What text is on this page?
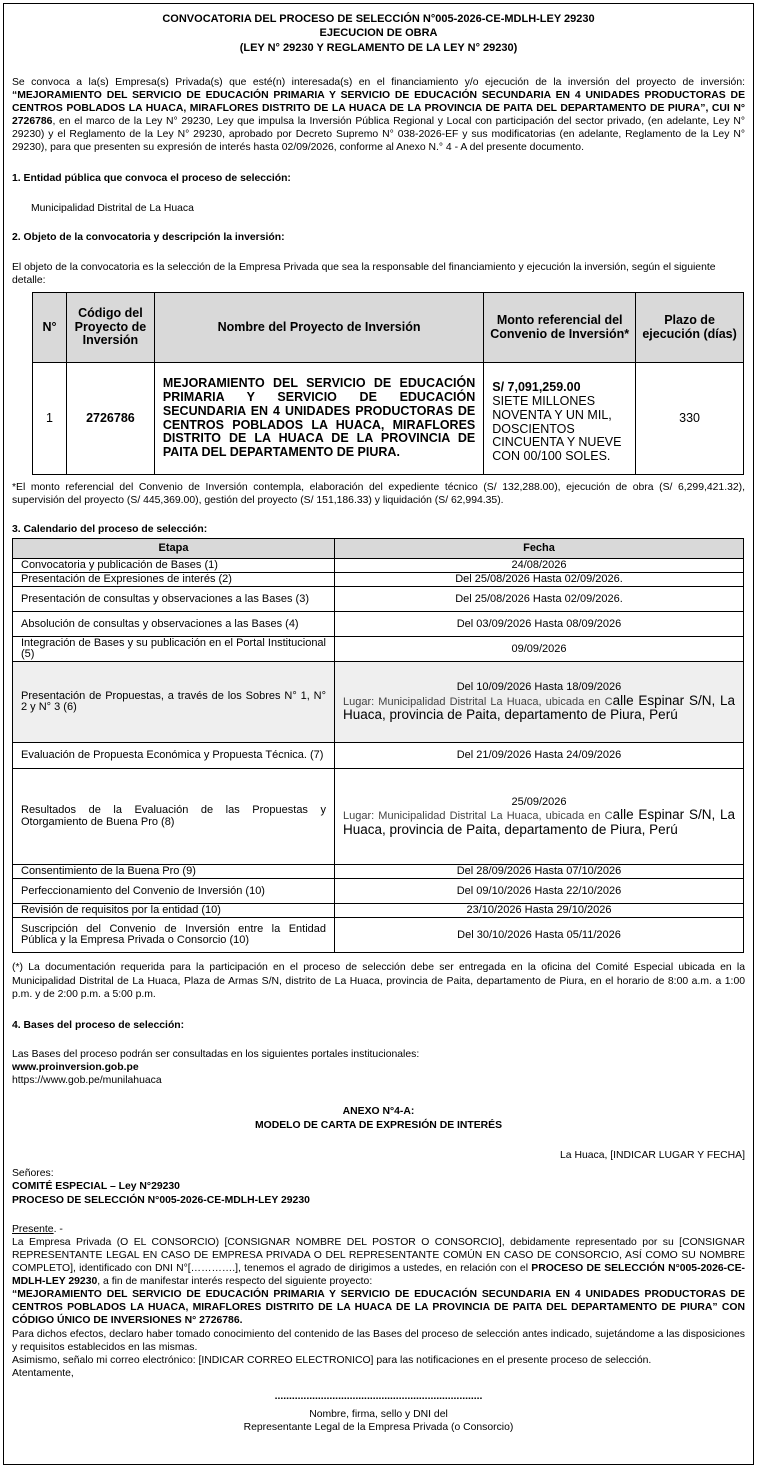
CONVOCATORIA DEL PROCESO DE SELECCIÓN N°005-2026-CE-MDLH-LEY 29230
EJECUCION DE OBRA
(LEY N° 29230 Y REGLAMENTO DE LA LEY N° 29230)

Se convoca a la(s) Empresa(s) Privada(s) que esté(n) interesada(s) en el financiamiento y/o ejecución de la inversión del proyecto de inversión: “MEJORAMIENTO DEL SERVICIO DE EDUCACIÓN PRIMARIA Y SERVICIO DE EDUCACIÓN SECUNDARIA EN 4 UNIDADES PRODUCTORAS DE CENTROS POBLADOS LA HUACA, MIRAFLORES DISTRITO DE LA HUACA DE LA PROVINCIA DE PAITA DEL DEPARTAMENTO DE PIURA”, CUI N° 2726786, en el marco de la Ley N° 29230, Ley que impulsa la Inversión Pública Regional y Local con participación del sector privado, (en adelante, Ley N° 29230) y el Reglamento de la Ley N° 29230, aprobado por Decreto Supremo N° 038-2026-EF y sus modificatorias (en adelante, Reglamento de la Ley N° 29230), para que presenten su expresión de interés hasta 02/09/2026, conforme al Anexo N.° 4 - A del presente documento.

1. Entidad pública que convoca el proceso de selección:

Municipalidad Distrital de La Huaca

2. Objeto de la convocatoria y descripción la inversión:

El objeto de la convocatoria es la selección de la Empresa Privada que sea la responsable del financiamiento y ejecución la inversión, según el siguiente detalle:

N°	Código del Proyecto de Inversión	Nombre del Proyecto de Inversión	Monto referencial del Convenio de Inversión*	Plazo de ejecución (días)
1	2726786	MEJORAMIENTO DEL SERVICIO DE EDUCACIÓN PRIMARIA Y SERVICIO DE EDUCACIÓN SECUNDARIA EN 4 UNIDADES PRODUCTORAS DE CENTROS POBLADOS LA HUACA, MIRAFLORES DISTRITO DE LA HUACA DE LA PROVINCIA DE PAITA DEL DEPARTAMENTO DE PIURA.	S/ 7,091,259.00
SIETE MILLONES NOVENTA Y UN MIL, DOSCIENTOS CINCUENTA Y NUEVE CON 00/100 SOLES.	330

*El monto referencial del Convenio de Inversión contempla, elaboración del expediente técnico (S/ 132,288.00), ejecución de obra (S/ 6,299,421.32), supervisión del proyecto (S/ 445,369.00), gestión del proyecto (S/ 151,186.33) y liquidación (S/ 62,994.35).

3. Calendario del proceso de selección:

Etapa	Fecha
Convocatoria y publicación de Bases (1)	24/08/2026
Presentación de Expresiones de interés (2)	Del 25/08/2026 Hasta 02/09/2026.
Presentación de consultas y observaciones a las Bases (3)	Del 25/08/2026 Hasta 02/09/2026.
Absolución de consultas y observaciones a las Bases (4)	Del 03/09/2026 Hasta 08/09/2026
Integración de Bases y su publicación en el Portal Institucional (5)	09/09/2026
Presentación de Propuestas, a través de los Sobres N° 1, N° 2 y N° 3 (6)	Del 10/09/2026 Hasta 18/09/2026
Lugar: Municipalidad Distrital La Huaca, ubicada en Calle Espinar S/N, La Huaca, provincia de Paita, departamento de Piura, Perú

Evaluación de Propuesta Económica y Propuesta Técnica. (7)	Del 21/09/2026 Hasta 24/09/2026
Resultados de la Evaluación de las Propuestas y Otorgamiento de Buena Pro (8)	25/09/2026
Lugar: Municipalidad Distrital La Huaca, ubicada en Calle Espinar S/N, La Huaca, provincia de Paita, departamento de Piura, Perú

Consentimiento de la Buena Pro (9)	Del 28/09/2026 Hasta 07/10/2026
Perfeccionamiento del Convenio de Inversión (10)	Del 09/10/2026 Hasta 22/10/2026
Revisión de requisitos por la entidad (10)	23/10/2026 Hasta 29/10/2026
Suscripción del Convenio de Inversión entre la Entidad Pública y la Empresa Privada o Consorcio (10)	Del 30/10/2026 Hasta 05/11/2026

(*) La documentación requerida para la participación en el proceso de selección debe ser entregada en la oficina del Comité Especial ubicada en la Municipalidad Distrital de La Huaca, Plaza de Armas S/N, distrito de La Huaca, provincia de Paita, departamento de Piura, en el horario de 8:00 a.m. a 1:00 p.m. y de 2:00 p.m. a 5:00 p.m.

4. Bases del proceso de selección:

Las Bases del proceso podrán ser consultadas en los siguientes portales institucionales:

www.proinversion.gob.pe

https://www.gob.pe/munilahuaca

ANEXO N°4-A:
MODELO DE CARTA DE EXPRESIÓN DE INTERÉS

La Huaca, [INDICAR LUGAR Y FECHA]

Señores:

COMITÉ ESPECIAL – Ley N°29230

PROCESO DE SELECCIÓN N°005-2026-CE-MDLH-LEY 29230

Presente. -

La Empresa Privada (O EL CONSORCIO) [CONSIGNAR NOMBRE DEL POSTOR O CONSORCIO], debidamente representado por su [CONSIGNAR REPRESENTANTE LEGAL EN CASO DE EMPRESA PRIVADA O DEL REPRESENTANTE COMÚN EN CASO DE CONSORCIO, ASÍ COMO SU NOMBRE COMPLETO], identificado con DNI N°[………….], tenemos el agrado de dirigimos a ustedes, en relación con el PROCESO DE SELECCIÓN N°005-2026-CE-MDLH-LEY 29230, a fin de manifestar interés respecto del siguiente proyecto:

“MEJORAMIENTO DEL SERVICIO DE EDUCACIÓN PRIMARIA Y SERVICIO DE EDUCACIÓN SECUNDARIA EN 4 UNIDADES PRODUCTORAS DE CENTROS POBLADOS LA HUACA, MIRAFLORES DISTRITO DE LA HUACA DE LA PROVINCIA DE PAITA DEL DEPARTAMENTO DE PIURA” CON CÓDIGO ÚNICO DE INVERSIONES N° 2726786.

Para dichos efectos, declaro haber tomado conocimiento del contenido de las Bases del proceso de selección antes indicado, sujetándome a las disposiciones y requisitos establecidos en las mismas.

Asimismo, señalo mi correo electrónico: [INDICAR CORREO ELECTRONICO] para las notificaciones en el presente proceso de selección.

Atentamente,

........................................................................
Nombre, firma, sello y DNI del
Representante Legal de la Empresa Privada (o Consorcio)
